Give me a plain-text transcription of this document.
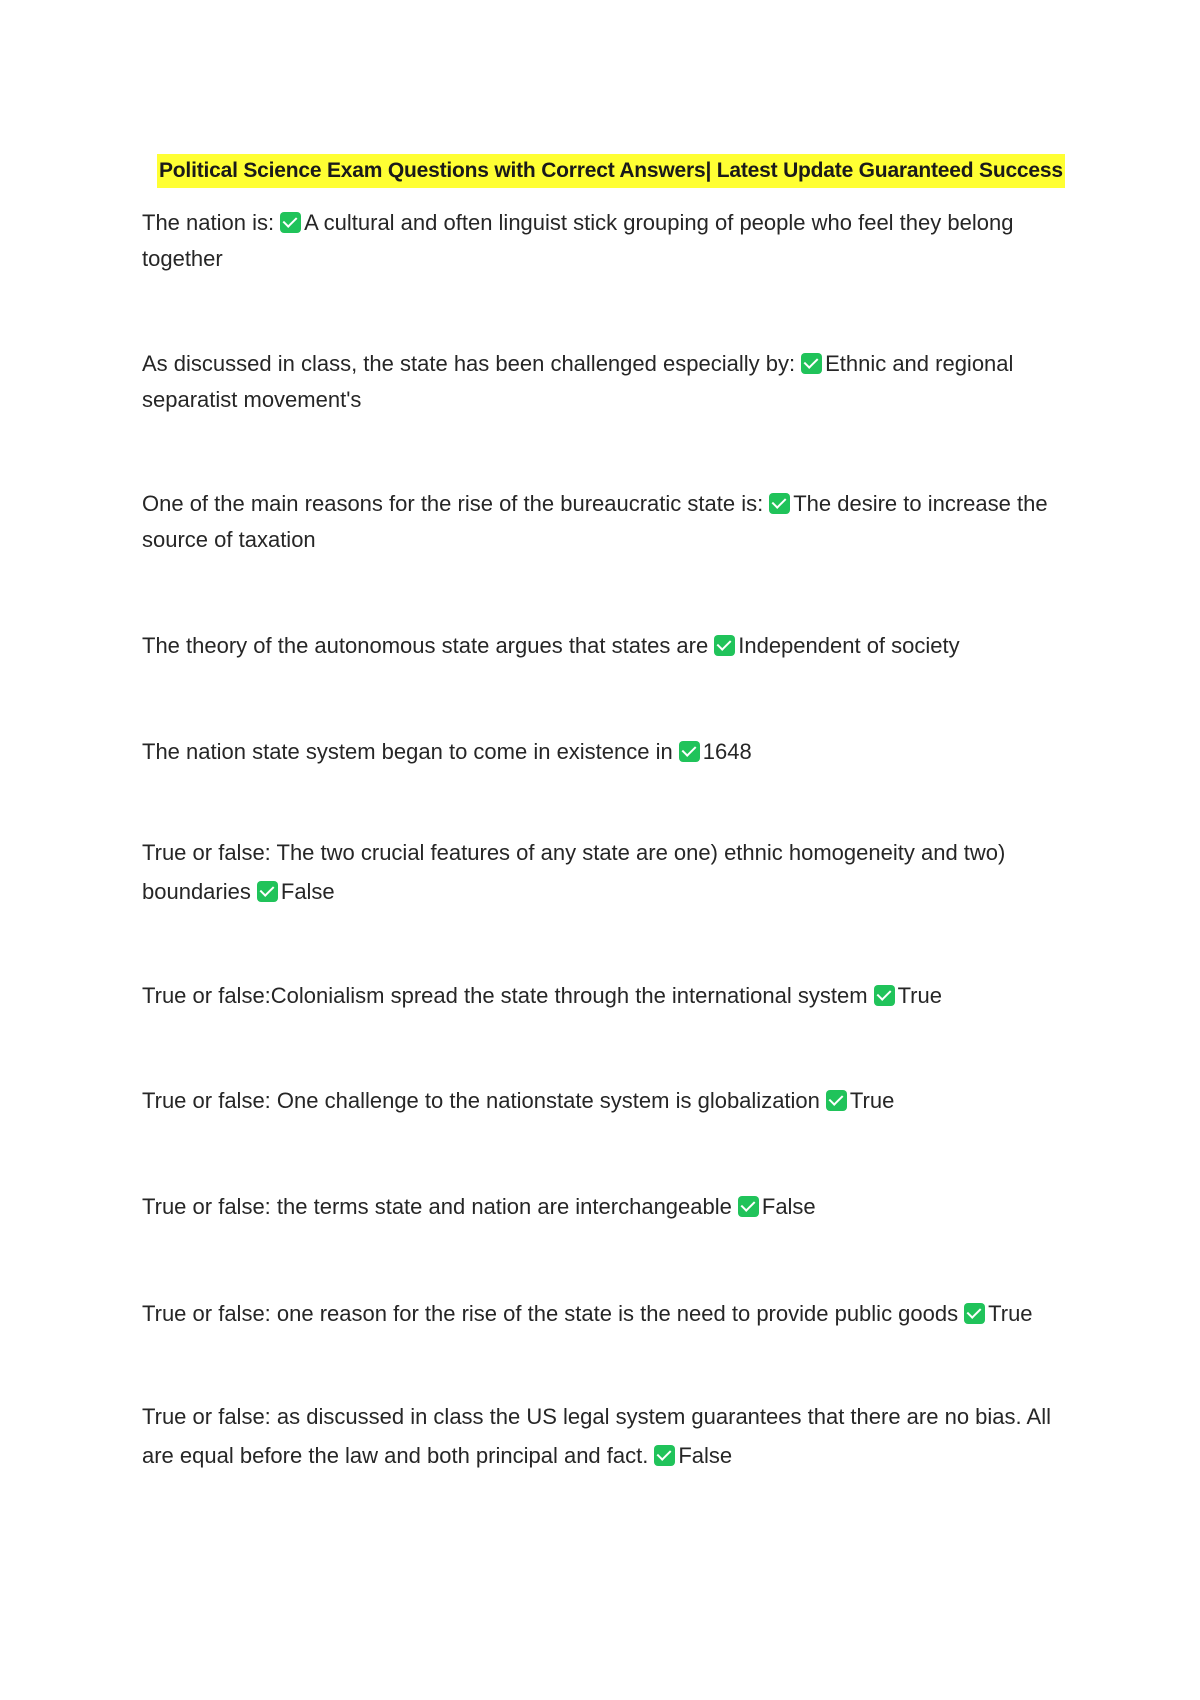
Political Science Exam Questions with Correct Answers| Latest Update Guaranteed Success
The nation is: A cultural and often linguist stick grouping of people who feel they belong together
As discussed in class, the state has been challenged especially by: Ethnic and regional separatist movement's
One of the main reasons for the rise of the bureaucratic state is: The desire to increase the source of taxation
The theory of the autonomous state argues that states are Independent of society
The nation state system began to come in existence in 1648
True or false: The two crucial features of any state are one) ethnic homogeneity and two) boundaries False
True or false:Colonialism spread the state through the international system True
True or false: One challenge to the nationstate system is globalization True
True or false: the terms state and nation are interchangeable False
True or false: one reason for the rise of the state is the need to provide public goods True
True or false: as discussed in class the US legal system guarantees that there are no bias. All are equal before the law and both principal and fact. False
